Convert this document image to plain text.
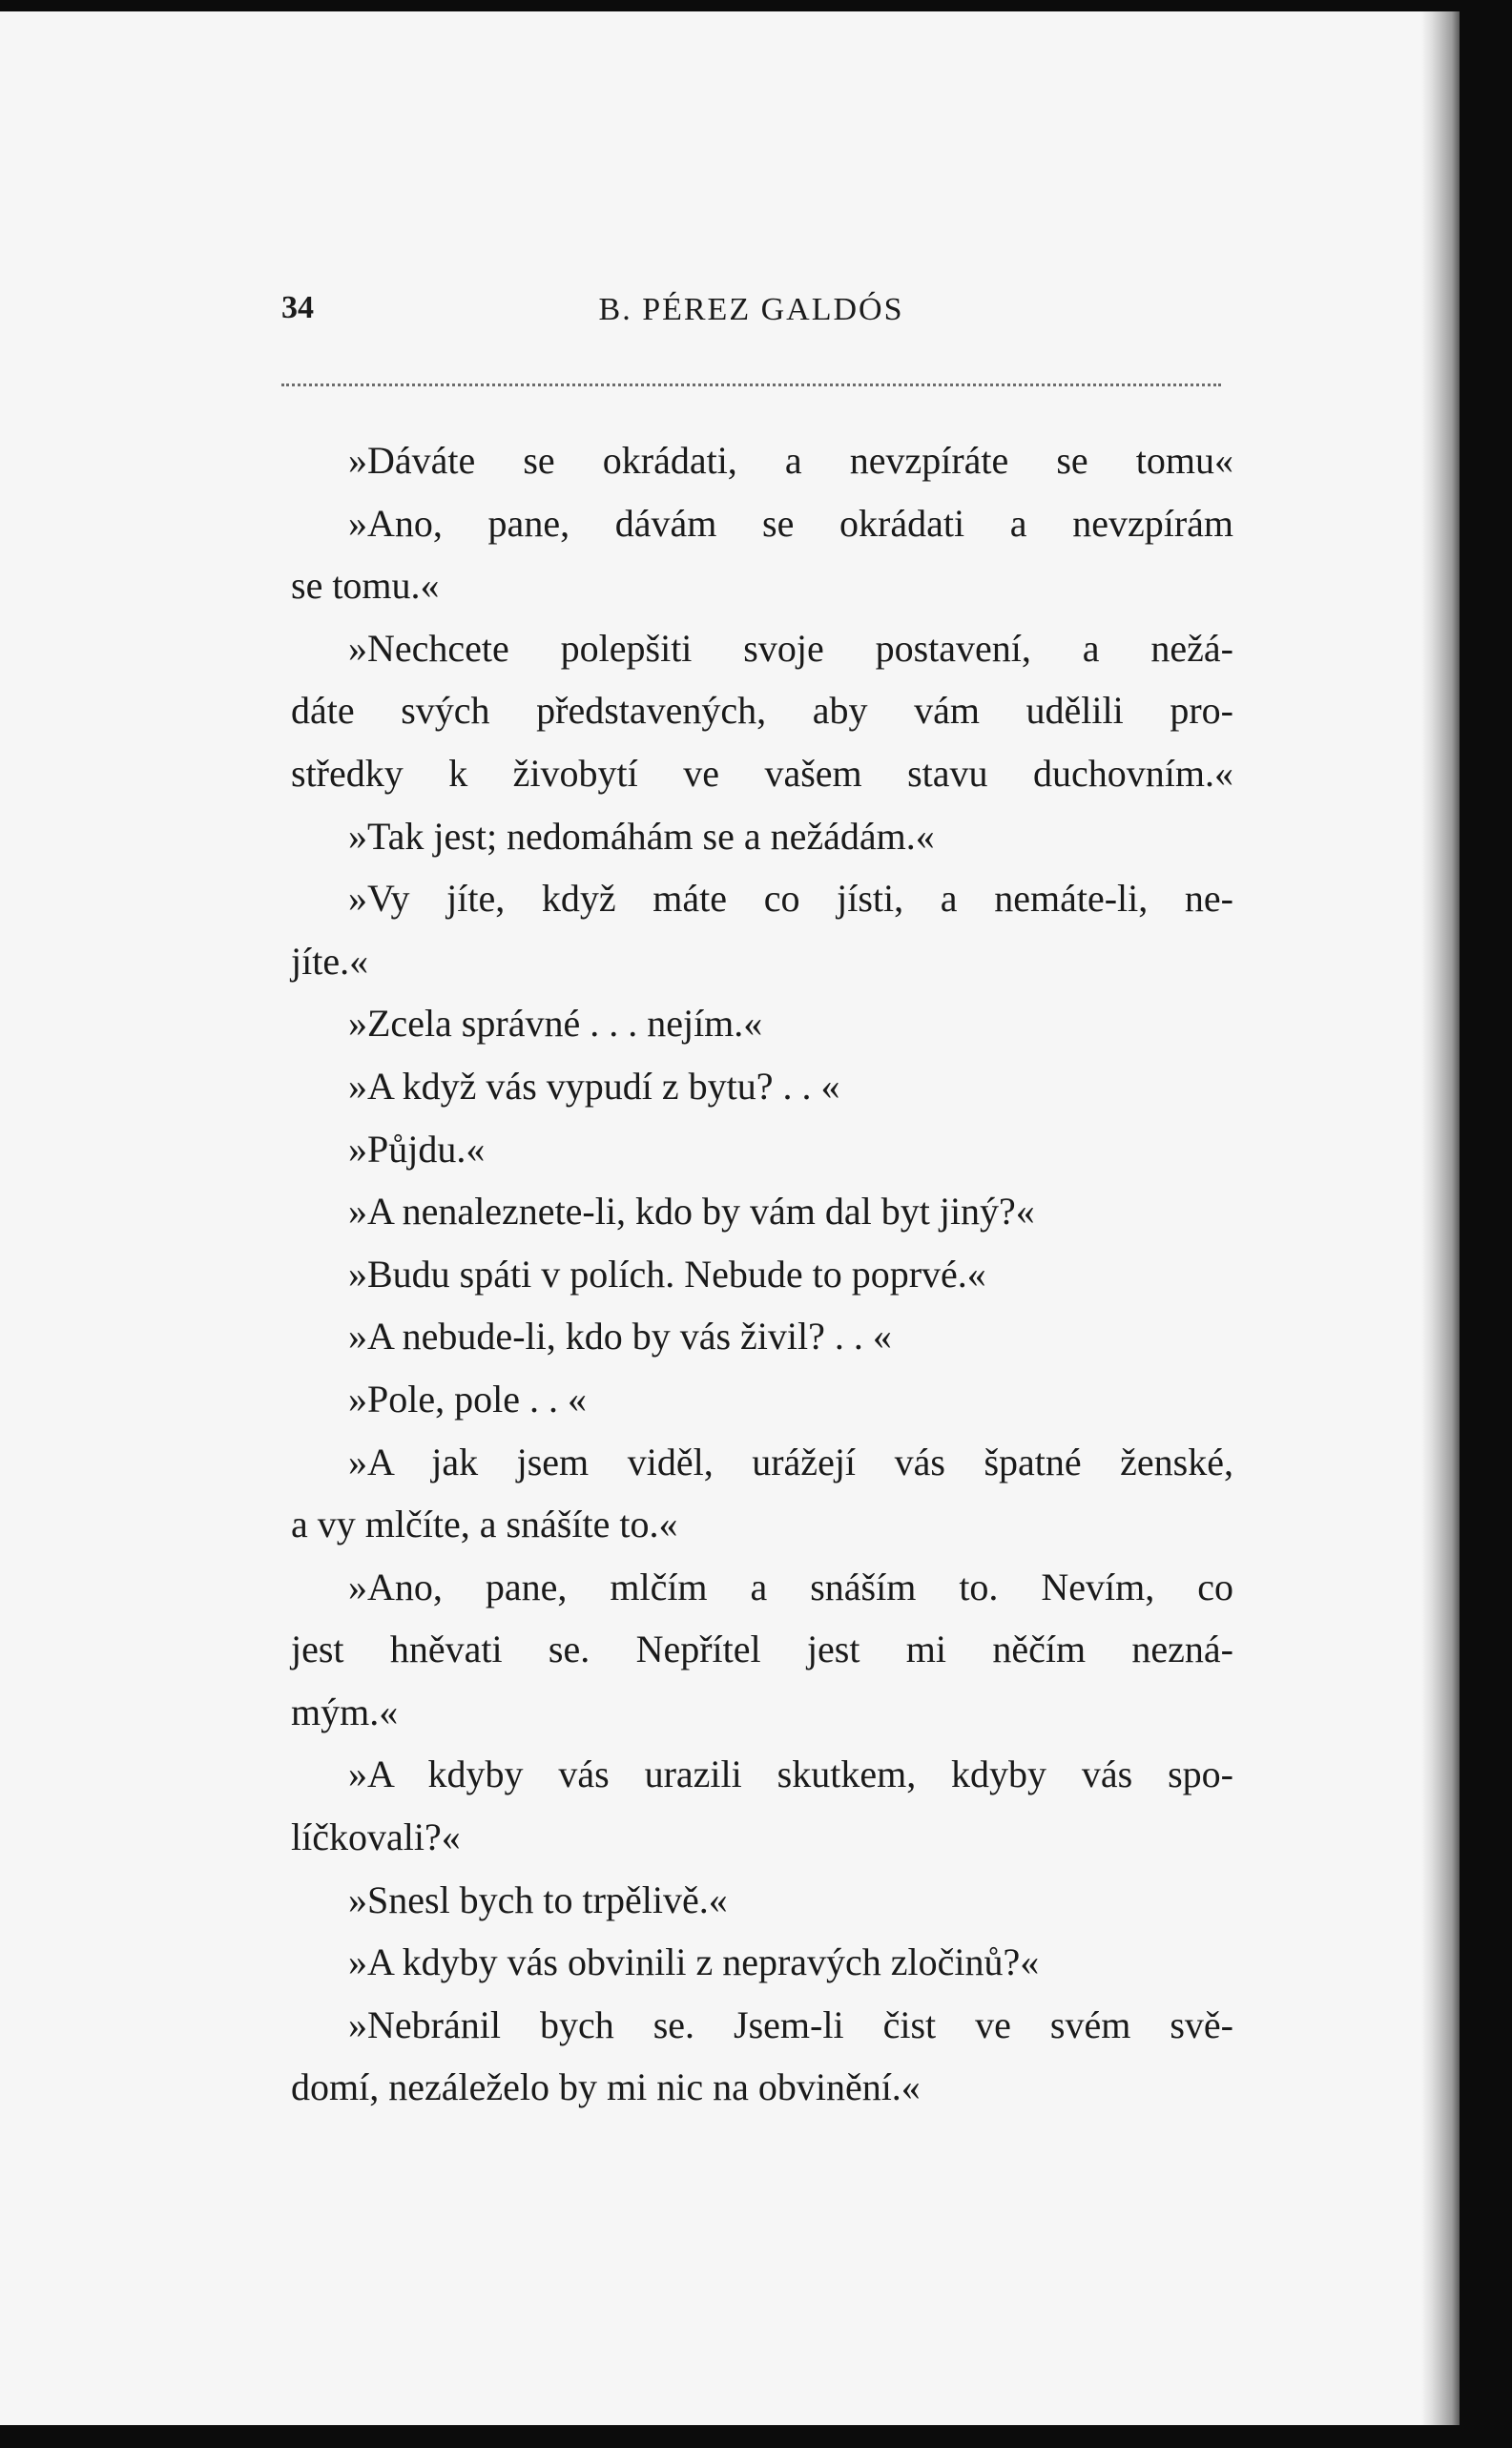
34	B. PÉREZ GALDÓS
»Dáváte se okrádati, a nevzpíráte se tomu«
»Ano, pane, dávám se okrádati a nevzpírám
se tomu.«
»Nechcete polepšiti svoje postavení, a nežá-
dáte svých představených, aby vám udělili pro-
středky k živobytí ve vašem stavu duchovním.«
»Tak jest; nedomáhám se a nežádám.«
»Vy jíte, když máte co jísti, a nemáte-li, ne-
jíte.«
»Zcela správné . . . nejím.«
»A když vás vypudí z bytu? . . «
»Půjdu.«
»A nenaleznete-li, kdo by vám dal byt jiný?«
»Budu spáti v polích. Nebude to poprvé.«
»A nebude-li, kdo by vás živil? . . «
»Pole, pole . . «
»A jak jsem viděl, urážejí vás špatné ženské,
a vy mlčíte, a snášíte to.«
»Ano, pane, mlčím a snáším to. Nevím, co
jest hněvati se. Nepřítel jest mi něčím nezná-
mým.«
»A kdyby vás urazili skutkem, kdyby vás spo-
líčkovali?«
»Snesl bych to trpělivě.«
»A kdyby vás obvinili z nepravých zločinů?«
»Nebránil bych se. Jsem-li čist ve svém svě-
domí, nezáleželo by mi nic na obvinění.«
